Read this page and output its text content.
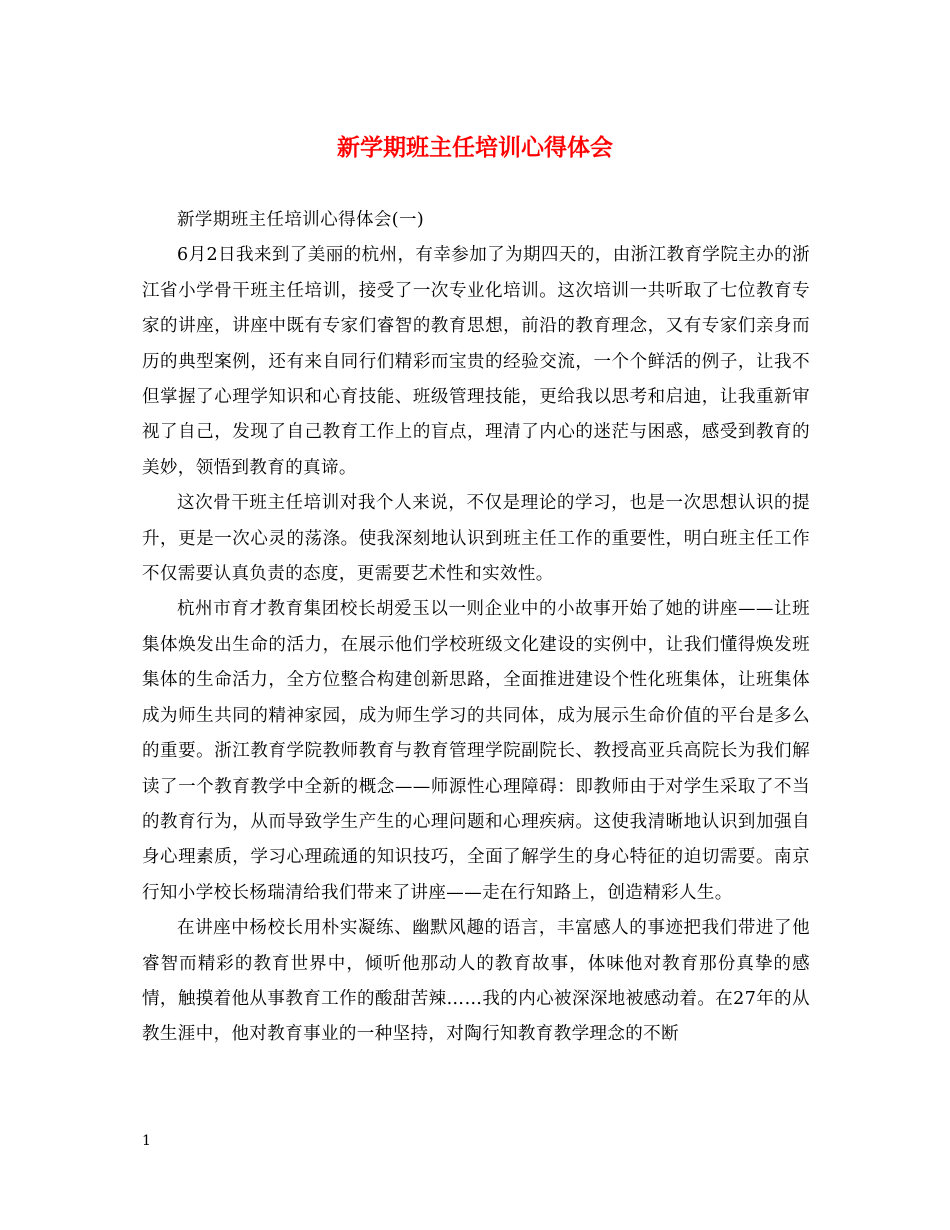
新学期班主任培训心得体会

新学期班主任培训心得体会(一)

6月2日我来到了美丽的杭州，有幸参加了为期四天的，由浙江教育学院主办的浙江省小学骨干班主任培训，接受了一次专业化培训。这次培训一共听取了七位教育专家的讲座，讲座中既有专家们睿智的教育思想，前沿的教育理念，又有专家们亲身而历的典型案例，还有来自同行们精彩而宝贵的经验交流，一个个鲜活的例子，让我不但掌握了心理学知识和心育技能、班级管理技能，更给我以思考和启迪，让我重新审视了自己，发现了自己教育工作上的盲点，理清了内心的迷茫与困惑，感受到教育的美妙，领悟到教育的真谛。

这次骨干班主任培训对我个人来说，不仅是理论的学习，也是一次思想认识的提升，更是一次心灵的荡涤。使我深刻地认识到班主任工作的重要性，明白班主任工作不仅需要认真负责的态度，更需要艺术性和实效性。

杭州市育才教育集团校长胡爱玉以一则企业中的小故事开始了她的讲座——让班集体焕发出生命的活力，在展示他们学校班级文化建设的实例中，让我们懂得焕发班集体的生命活力，全方位整合构建创新思路，全面推进建设个性化班集体，让班集体成为师生共同的精神家园，成为师生学习的共同体，成为展示生命价值的平台是多么的重要。浙江教育学院教师教育与教育管理学院副院长、教授高亚兵高院长为我们解读了一个教育教学中全新的概念——师源性心理障碍：即教师由于对学生采取了不当的教育行为，从而导致学生产生的心理问题和心理疾病。这使我清晰地认识到加强自身心理素质，学习心理疏通的知识技巧，全面了解学生的身心特征的迫切需要。南京行知小学校长杨瑞清给我们带来了讲座——走在行知路上，创造精彩人生。

在讲座中杨校长用朴实凝练、幽默风趣的语言，丰富感人的事迹把我们带进了他睿智而精彩的教育世界中，倾听他那动人的教育故事，体味他对教育那份真挚的感情，触摸着他从事教育工作的酸甜苦辣……我的内心被深深地被感动着。在27年的从教生涯中，他对教育事业的一种坚持，对陶行知教育教学理念的不断

1
